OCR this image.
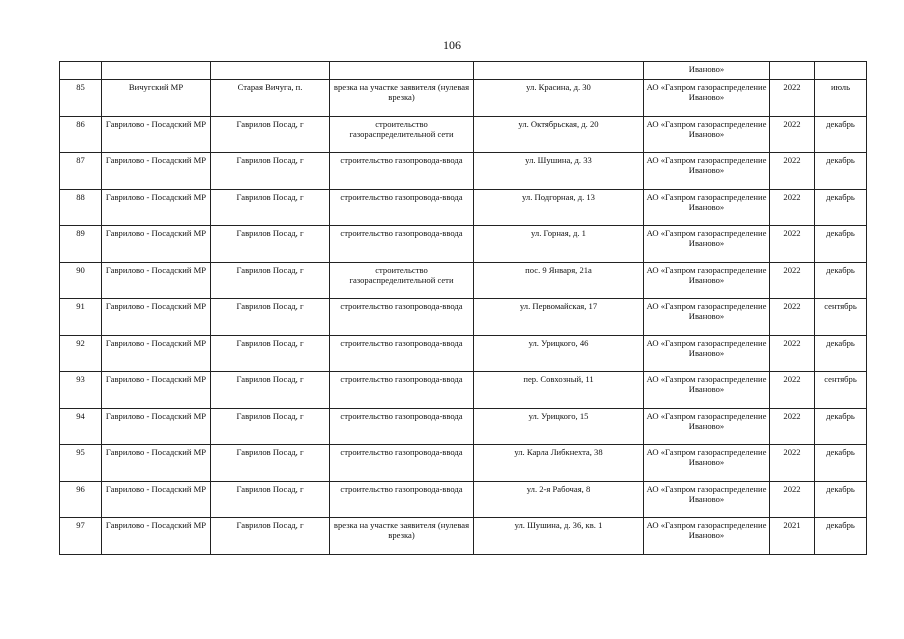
106
					Иваново»		
85	Вичугский МР	Старая Вичуга, п.	врезка на участке заявителя (нулевая врезка)	ул. Красина, д. 30	АО «Газпром газораспределение Иваново»	2022	июль
86	Гаврилово - Посадский МР	Гаврилов Посад, г	строительство газораспределительной сети	ул. Октябрьская, д. 20	АО «Газпром газораспределение Иваново»	2022	декабрь
87	Гаврилово - Посадский МР	Гаврилов Посад, г	строительство газопровода-ввода	ул. Шушина, д. 33	АО «Газпром газораспределение Иваново»	2022	декабрь
88	Гаврилово - Посадский МР	Гаврилов Посад, г	строительство газопровода-ввода	ул. Подгорная, д. 13	АО «Газпром газораспределение Иваново»	2022	декабрь
89	Гаврилово - Посадский МР	Гаврилов Посад, г	строительство газопровода-ввода	ул. Горная, д. 1	АО «Газпром газораспределение Иваново»	2022	декабрь
90	Гаврилово - Посадский МР	Гаврилов Посад, г	строительство газораспределительной сети	пос. 9 Января, 21а	АО «Газпром газораспределение Иваново»	2022	декабрь
91	Гаврилово - Посадский МР	Гаврилов Посад, г	строительство газопровода-ввода	ул. Первомайская, 17	АО «Газпром газораспределение Иваново»	2022	сентябрь
92	Гаврилово - Посадский МР	Гаврилов Посад, г	строительство газопровода-ввода	ул. Урицкого, 46	АО «Газпром газораспределение Иваново»	2022	декабрь
93	Гаврилово - Посадский МР	Гаврилов Посад, г	строительство газопровода-ввода	пер. Совхозный, 11	АО «Газпром газораспределение Иваново»	2022	сентябрь
94	Гаврилово - Посадский МР	Гаврилов Посад, г	строительство газопровода-ввода	ул. Урицкого, 15	АО «Газпром газораспределение Иваново»	2022	декабрь
95	Гаврилово - Посадский МР	Гаврилов Посад, г	строительство газопровода-ввода	ул. Карла Либкнехта, 38	АО «Газпром газораспределение Иваново»	2022	декабрь
96	Гаврилово - Посадский МР	Гаврилов Посад, г	строительство газопровода-ввода	ул. 2-я Рабочая, 8	АО «Газпром газораспределение Иваново»	2022	декабрь
97	Гаврилово - Посадский МР	Гаврилов Посад, г	врезка на участке заявителя (нулевая врезка)	ул. Шушина, д. 36, кв. 1	АО «Газпром газораспределение Иваново»	2021	декабрь
